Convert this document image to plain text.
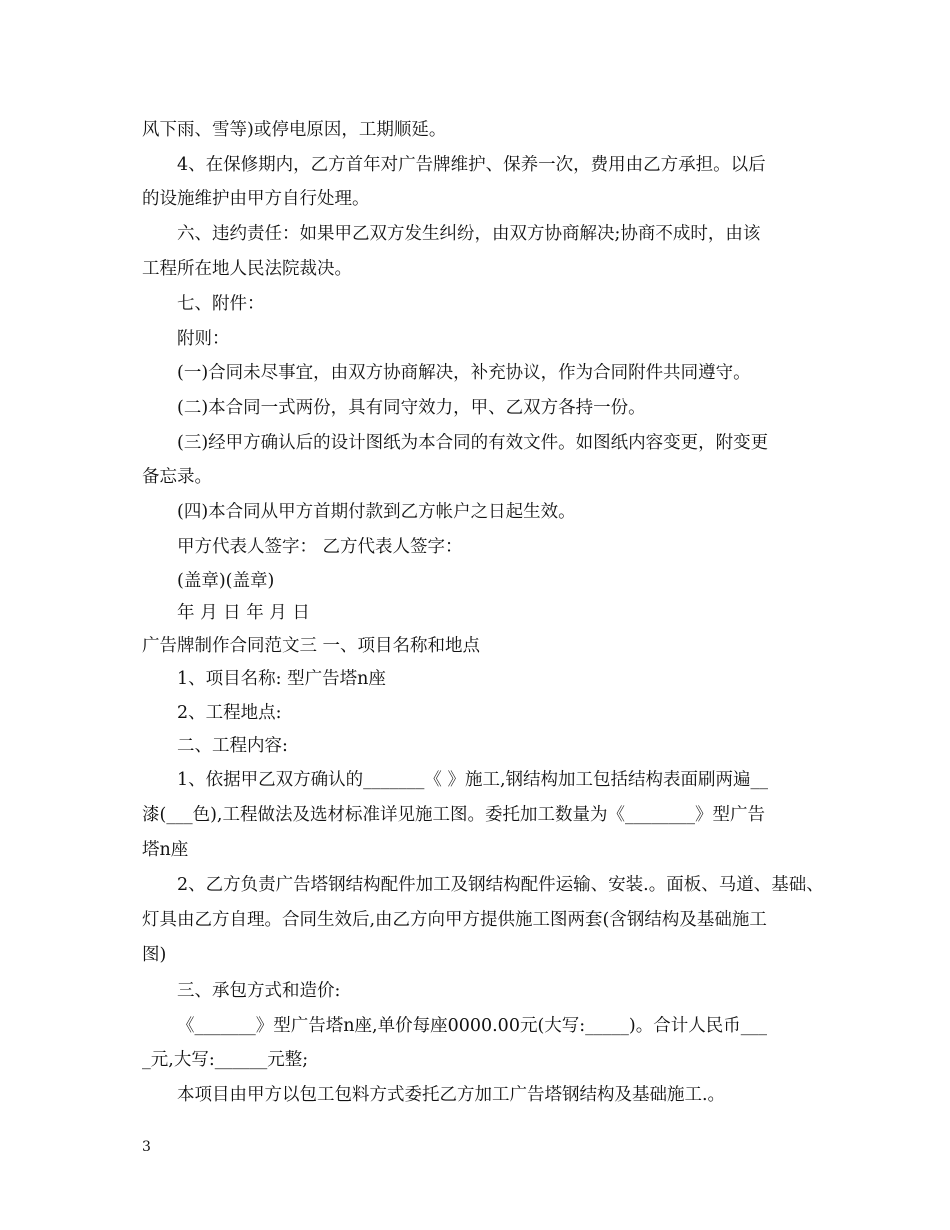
风下雨、雪等)或停电原因，工期顺延。

4、在保修期内，乙方首年对广告牌维护、保养一次，费用由乙方承担。以后

的设施维护由甲方自行处理。

六、违约责任：如果甲乙双方发生纠纷，由双方协商解决;协商不成时，由该

工程所在地人民法院裁决。

七、附件：

附则：

(一)合同未尽事宜，由双方协商解决，补充协议，作为合同附件共同遵守。

(二)本合同一式两份，具有同守效力，甲、乙双方各持一份。

(三)经甲方确认后的设计图纸为本合同的有效文件。如图纸内容变更，附变更

备忘录。

(四)本合同从甲方首期付款到乙方帐户之日起生效。

甲方代表人签字： 乙方代表人签字：

(盖章)(盖章)

年 月 日 年 月 日

广告牌制作合同范文三 一、项目名称和地点

1、项目名称: 型广告塔n座

2、工程地点:

二、工程内容:

1、依据甲乙双方确认的_______《 》施工,钢结构加工包括结构表面刷两遍__

漆(___色),工程做法及选材标准详见施工图。委托加工数量为《________》型广告

塔n座

2、乙方负责广告塔钢结构配件加工及钢结构配件运输、安装.。面板、马道、基础、

灯具由乙方自理。合同生效后,由乙方向甲方提供施工图两套(含钢结构及基础施工

图)

三、承包方式和造价:

《_______》型广告塔n座,单价每座0000.00元(大写:_____)。合计人民币___

_元,大写:______元整;

本项目由甲方以包工包料方式委托乙方加工广告塔钢结构及基础施工.。

3
